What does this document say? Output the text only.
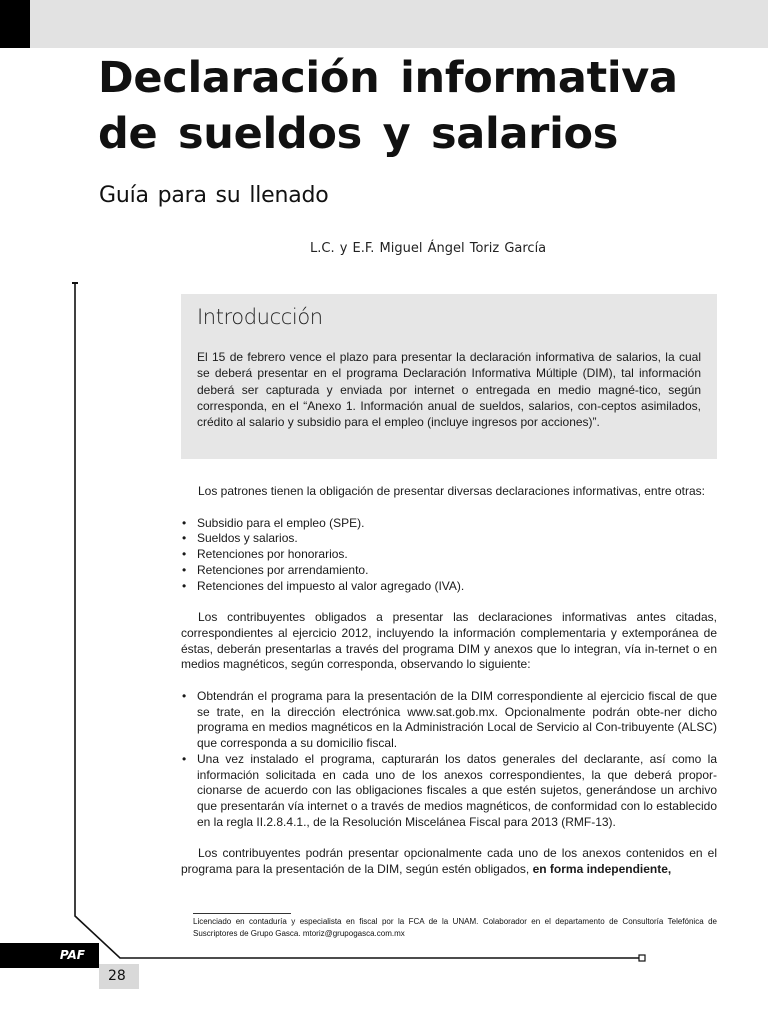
Declaración informativa
de sueldos y salarios
Guía para su llenado
L.C. y E.F. Miguel Ángel Toriz García
Introducción
El 15 de febrero vence el plazo para presentar la declaración informativa de salarios, la cual se deberá presentar en el programa Declaración Informativa Múltiple (DIM), tal información deberá ser capturada y enviada por internet o entregada en medio magné-tico, según corresponda, en el “Anexo 1. Información anual de sueldos, salarios, con-ceptos asimilados, crédito al salario y subsidio para el empleo (incluye ingresos por acciones)”.

Los patrones tienen la obligación de presentar diversas declaraciones informativas, entre otras:

• Subsidio para el empleo (SPE).
• Sueldos y salarios.
• Retenciones por honorarios.
• Retenciones por arrendamiento.
• Retenciones del impuesto al valor agregado (IVA).

Los contribuyentes obligados a presentar las declaraciones informativas antes citadas, correspondientes al ejercicio 2012, incluyendo la información complementaria y extemporánea de éstas, deberán presentarlas a través del programa DIM y anexos que lo integran, vía in-ternet o en medios magnéticos, según corresponda, observando lo siguiente:

• Obtendrán el programa para la presentación de la DIM correspondiente al ejercicio fiscal de que se trate, en la dirección electrónica www.sat.gob.mx. Opcionalmente podrán obte-ner dicho programa en medios magnéticos en la Administración Local de Servicio al Con-tribuyente (ALSC) que corresponda a su domicilio fiscal.
• Una vez instalado el programa, capturarán los datos generales del declarante, así como la información solicitada en cada uno de los anexos correspondientes, la que deberá propor-cionarse de acuerdo con las obligaciones fiscales a que estén sujetos, generándose un archivo que presentarán vía internet o a través de medios magnéticos, de conformidad con lo establecido en la regla II.2.8.4.1., de la Resolución Miscelánea Fiscal para 2013 (RMF-13).

Los contribuyentes podrán presentar opcionalmente cada uno de los anexos contenidos en el programa para la presentación de la DIM, según estén obligados, en forma independiente,

Licenciado en contaduría y especialista en fiscal por la FCA de la UNAM. Colaborador en el departamento de Consultoría Telefónica de Suscriptores de Grupo Gasca. mtoriz@grupogasca.com.mx
PAF
28
